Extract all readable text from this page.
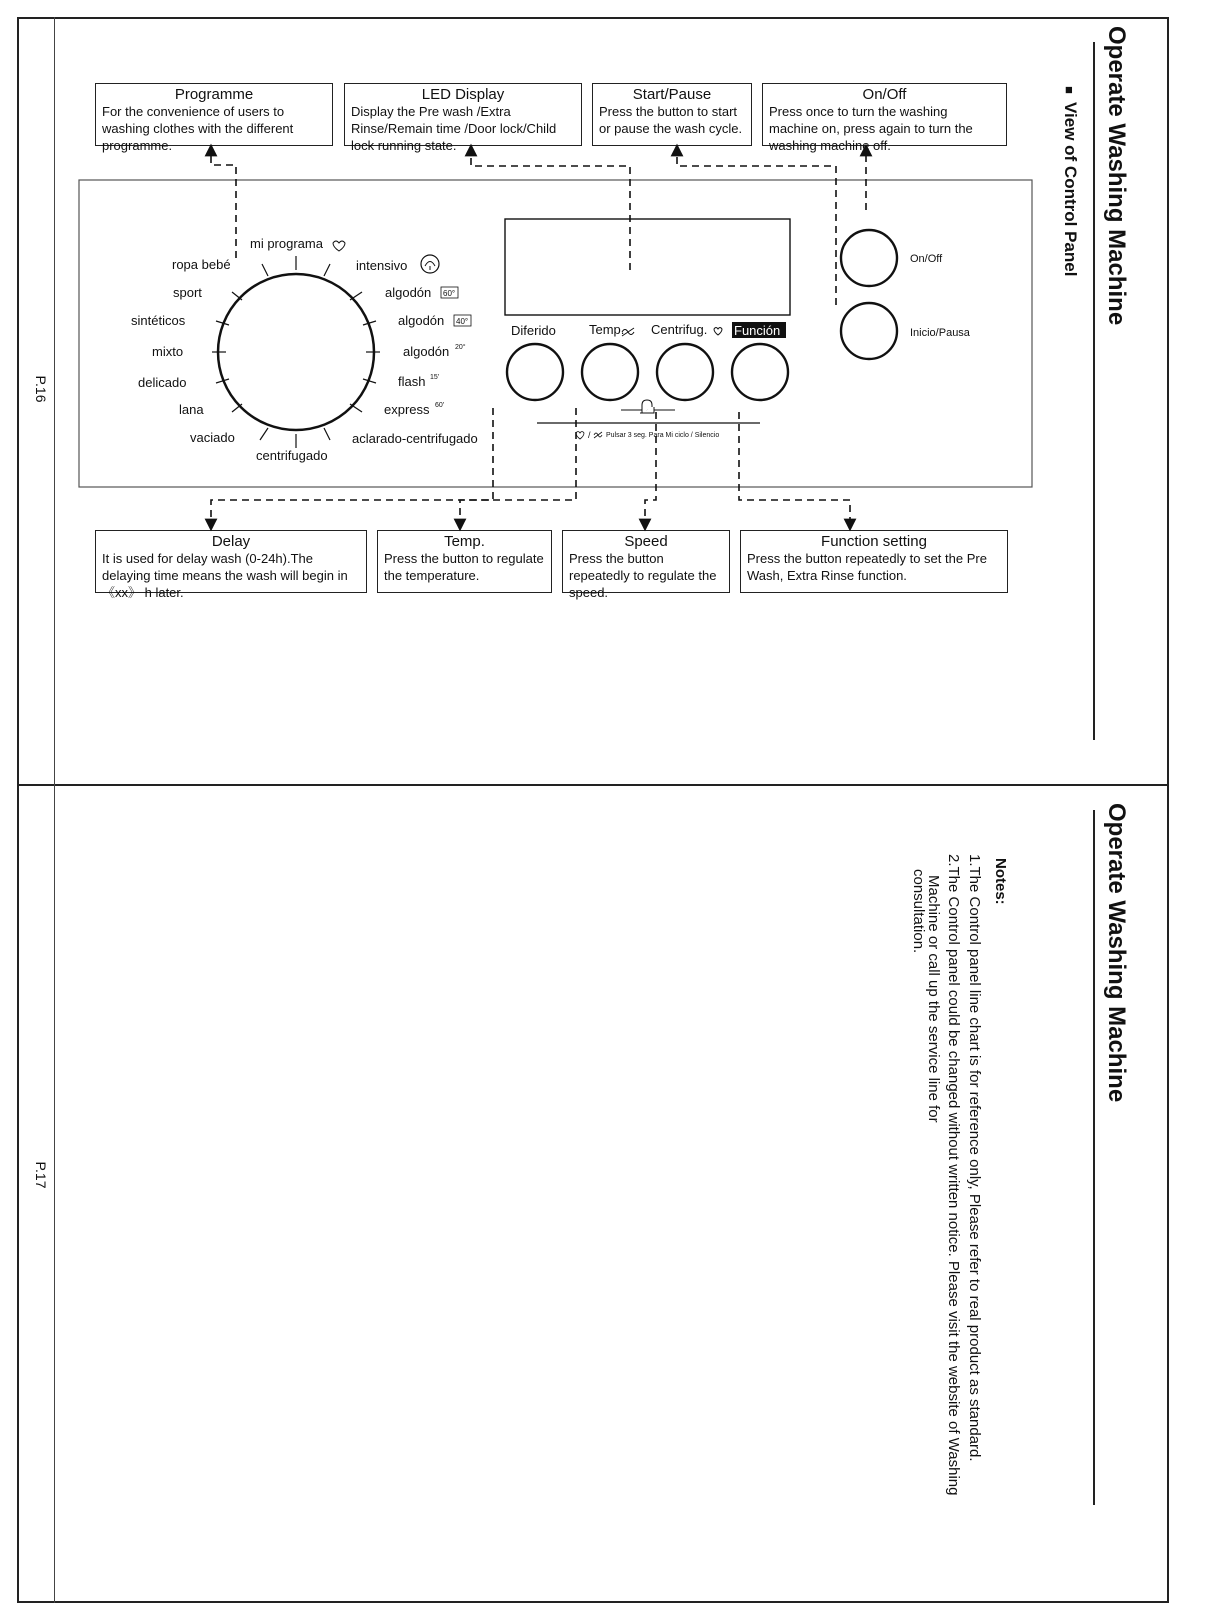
P.16
P.17
Operate Washing Machine
■
View of Control Panel
Programme
For the convenience of users to washing clothes with the different programme.
LED Display
Display the Pre wash /Extra Rinse/Remain time /Door lock/Child lock running state.
Start/Pause
Press the button to start or pause the wash cycle.
On/Off
Press once to turn the washing machine on, press again to turn the washing machine off.
Delay
It is used for delay wash (0-24h).The delaying time means the wash will begin in 《xx》 h later.
Temp.
Press the button to regulate the temperature.
Speed
Press the button repeatedly to regulate the speed.
Function setting
Press the button repeatedly to set the Pre Wash, Extra Rinse function.
mi programa
intensivo
algodón
algodón
algodón
flash
express
aclarado-centrifugado
centrifugado
vaciado
lana
delicado
mixto
sintéticos
sport
ropa bebé
60°
40°
20°
15'
60'
Diferido	Temp. Centrifug. Función
/ Pulsar 3 seg. Para Mi ciclo / Silencio
On/Off
Inicio/Pausa
Operate Washing Machine
Notes:
1.The Control panel line chart is for reference only, Please refer to real product as standard.
2.The Control panel could be changed without written notice. Please visit the website of Washing
Machine or call up the service line for
consultation.
